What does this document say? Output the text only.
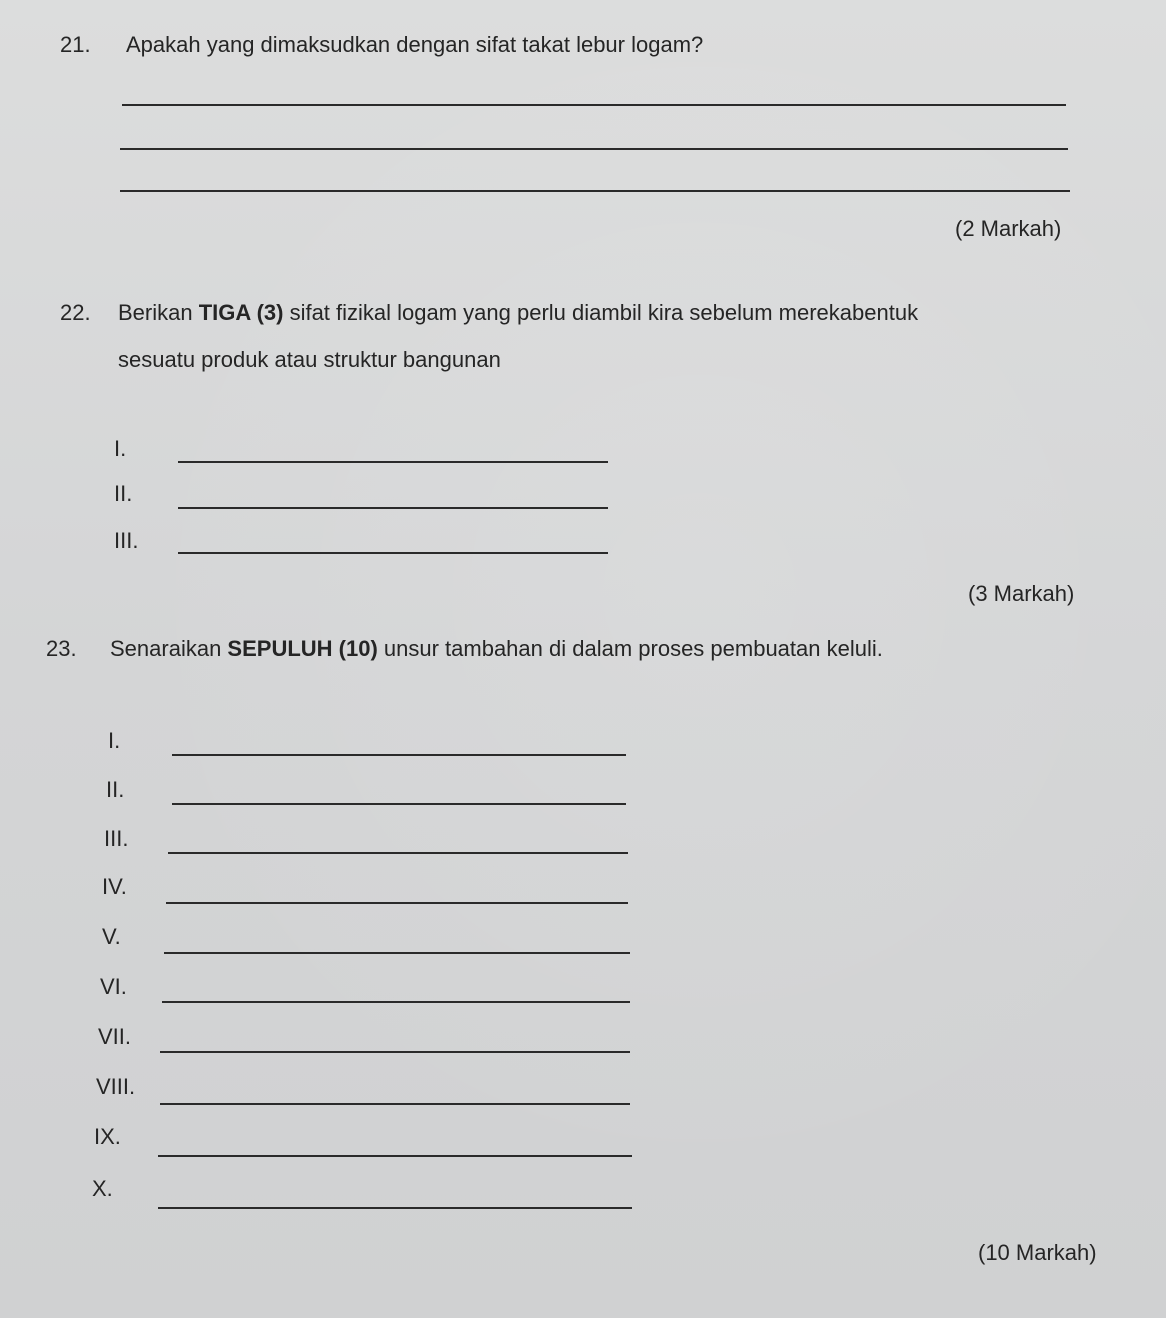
21. Apakah yang dimaksudkan dengan sifat takat lebur logam?
(2 Markah)
22. Berikan TIGA (3) sifat fizikal logam yang perlu diambil kira sebelum merekabentuk
sesuatu produk atau struktur bangunan
I.
II.
III.
(3 Markah)
23. Senaraikan SEPULUH (10) unsur tambahan di dalam proses pembuatan keluli.
I.
II.
III.
IV.
V.
VI.
VII.
VIII.
IX.
X.
(10 Markah)
